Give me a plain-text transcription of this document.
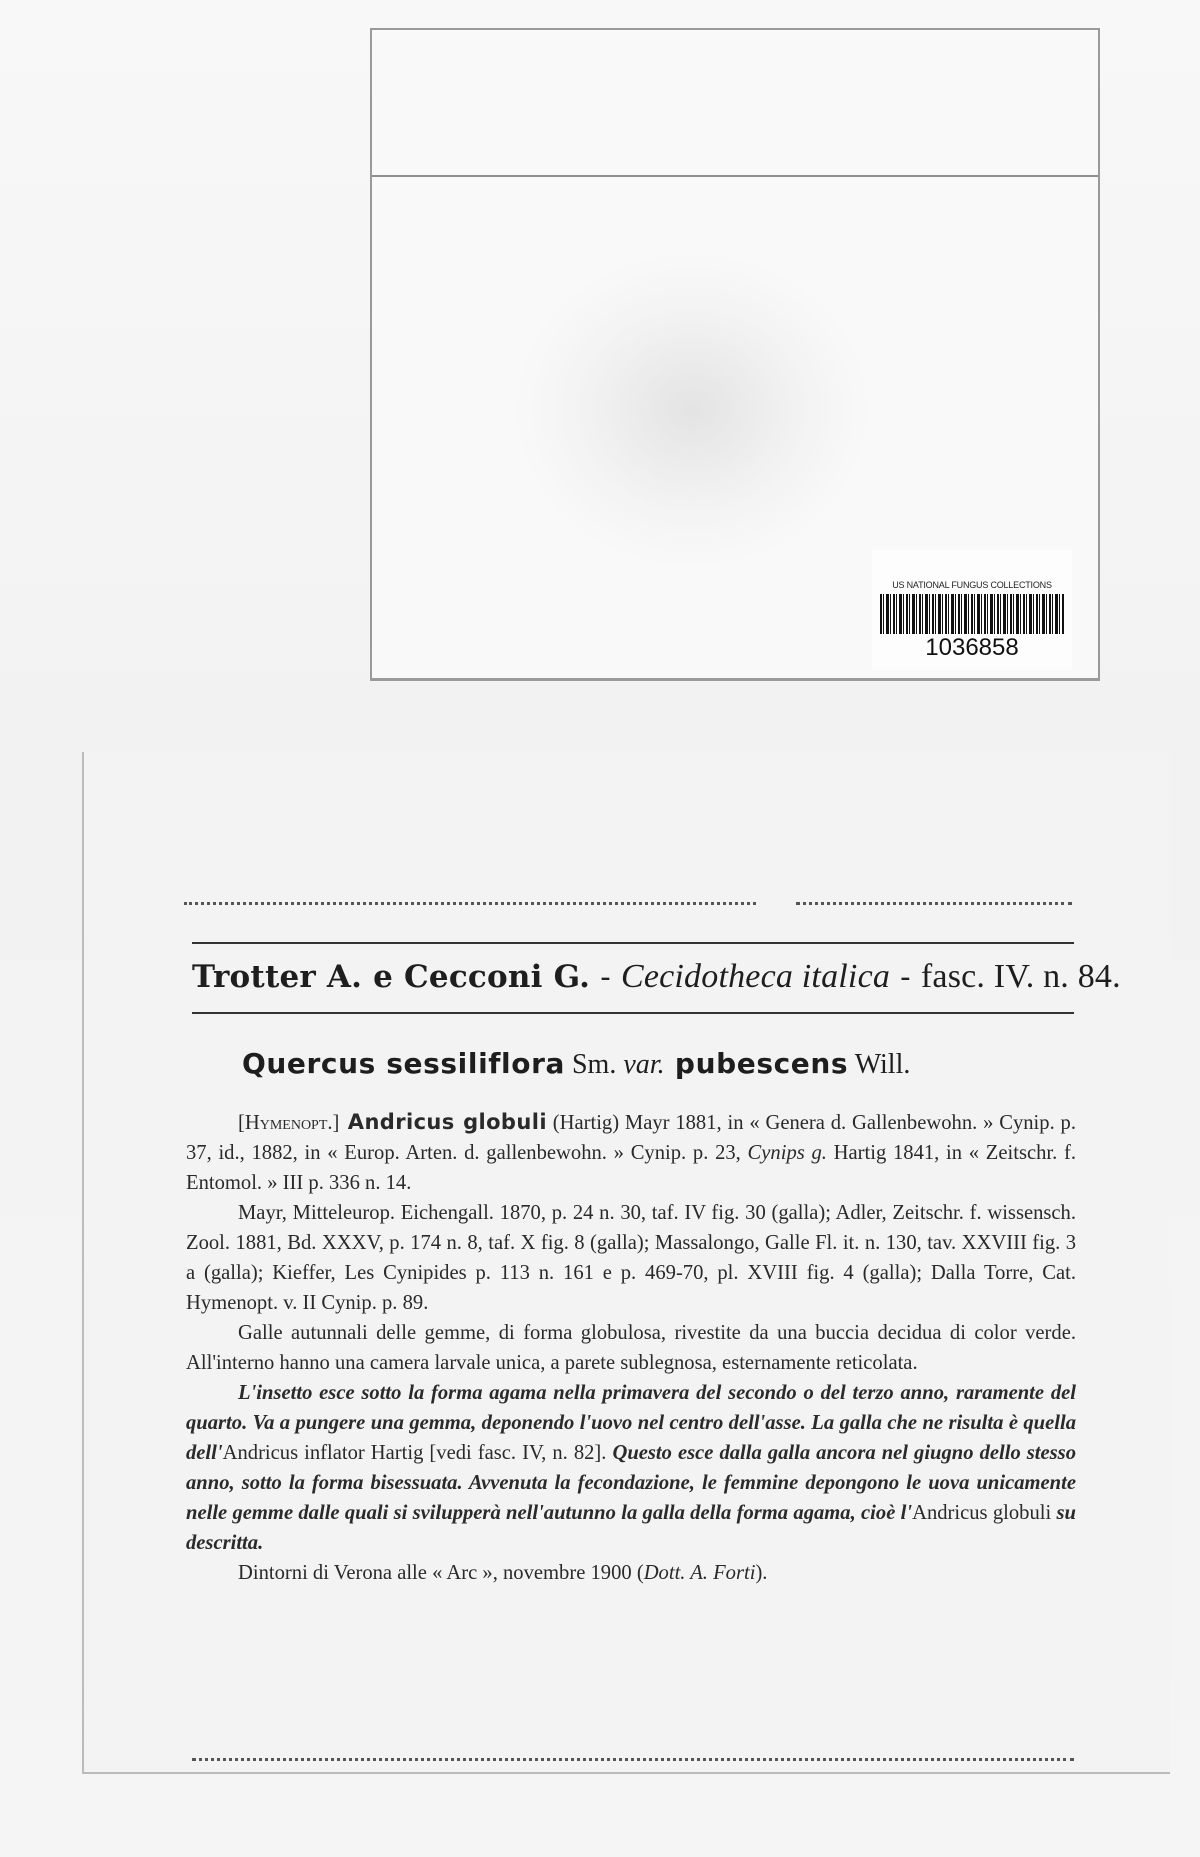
US NATIONAL FUNGUS COLLECTIONS
1036858
Trotter A. e Cecconi G. - Cecidotheca italica - fasc. IV. n. 84.
Quercus sessiliflora Sm. var. pubescens Will.

[Hymenopt.] Andricus globuli (Hartig) Mayr 1881, in « Genera d. Gallenbewohn. » Cynip. p. 37, id., 1882, in « Europ. Arten. d. gallenbewohn. » Cynip. p. 23, Cynips g. Hartig 1841, in « Zeitschr. f. Entomol. » III p. 336 n. 14.

Mayr, Mitteleurop. Eichengall. 1870, p. 24 n. 30, taf. IV fig. 30 (galla); Adler, Zeitschr. f. wissensch. Zool. 1881, Bd. XXXV, p. 174 n. 8, taf. X fig. 8 (galla); Massalongo, Galle Fl. it. n. 130, tav. XXVIII fig. 3 a (galla); Kieffer, Les Cynipides p. 113 n. 161 e p. 469-70, pl. XVIII fig. 4 (galla); Dalla Torre, Cat. Hymenopt. v. II Cynip. p. 89.

Galle autunnali delle gemme, di forma globulosa, rivestite da una buccia decidua di color verde. All'interno hanno una camera larvale unica, a parete sublegnosa, esternamente reticolata.

L'insetto esce sotto la forma agama nella primavera del secondo o del terzo anno, raramente del quarto. Va a pungere una gemma, deponendo l'uovo nel centro dell'asse. La galla che ne risulta è quella dell'Andricus inflator Hartig [vedi fasc. IV, n. 82]. Questo esce dalla galla ancora nel giugno dello stesso anno, sotto la forma bisessuata. Avvenuta la fecondazione, le femmine depongono le uova unicamente nelle gemme dalle quali si svilupperà nell'autunno la galla della forma agama, cioè l'Andricus globuli su descritta.

Dintorni di Verona alle « Arc », novembre 1900 (Dott. A. Forti).
